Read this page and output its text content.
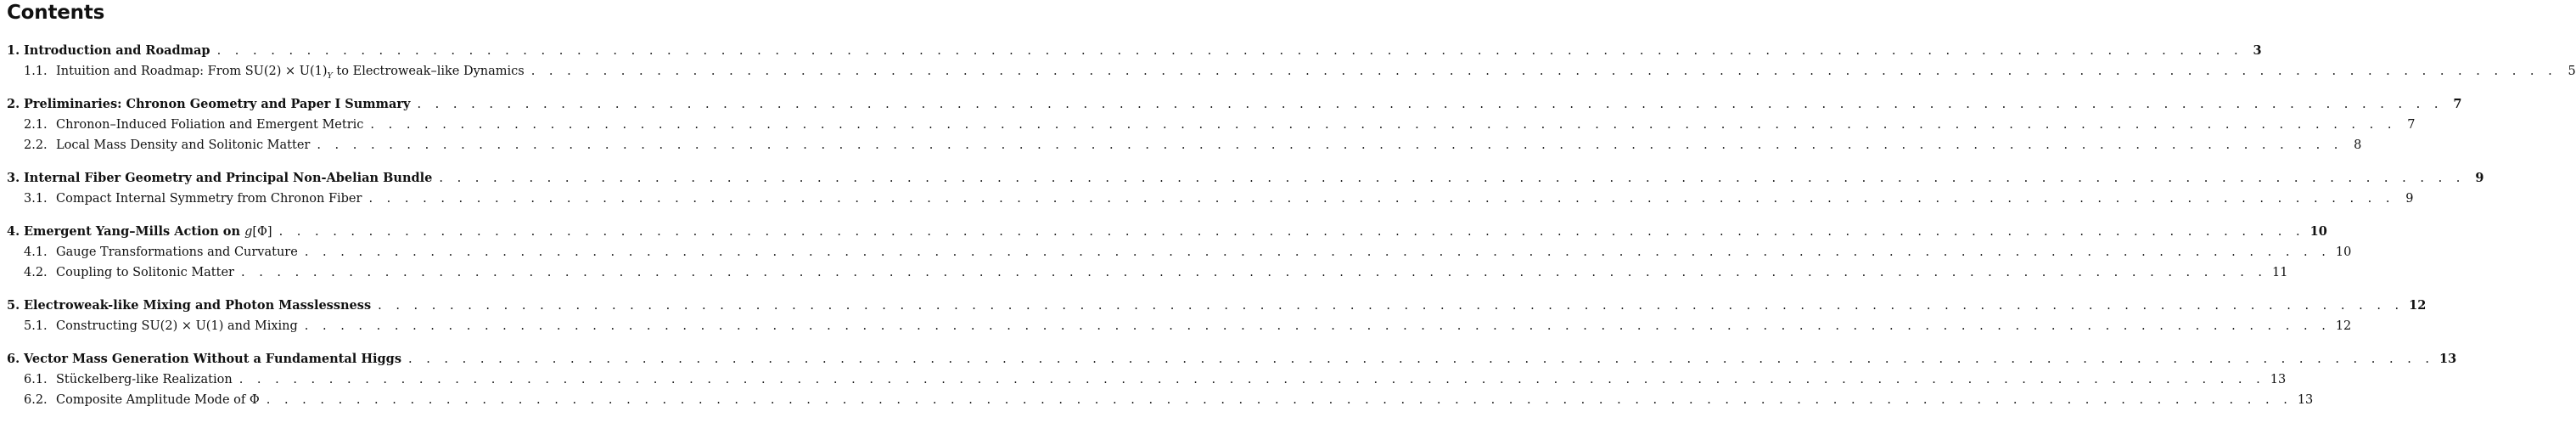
Contents
1. Introduction and Roadmap . . .	3
1.1. Intuition and Roadmap: From $SU(2) \times U(1)_Y$ to Electroweak–like Dynamics . . .	5
2. Preliminaries: Chronon Geometry and Paper I Summary . . .	7
2.1. Chronon–Induced Foliation and Emergent Metric . . .	7
2.2. Local Mass Density and Solitonic Matter . . .	8
3. Internal Fiber Geometry and Principal Non-Abelian Bundle . . .	9
3.1. Compact Internal Symmetry from Chronon Fiber . . .	9
4. Emergent Yang–Mills Action on g[Φ] . . .	10
4.1. Gauge Transformations and Curvature . . .	10
4.2. Coupling to Solitonic Matter . . .	11
5. Electroweak-like Mixing and Photon Masslessness . . .	12
5.1. Constructing SU(2) × U(1) and Mixing . . .	12
6. Vector Mass Generation Without a Fundamental Higgs . . .	13
6.1. Stückelberg-like Realization . . .	13
6.2. Composite Amplitude Mode of Φ . . .	13
